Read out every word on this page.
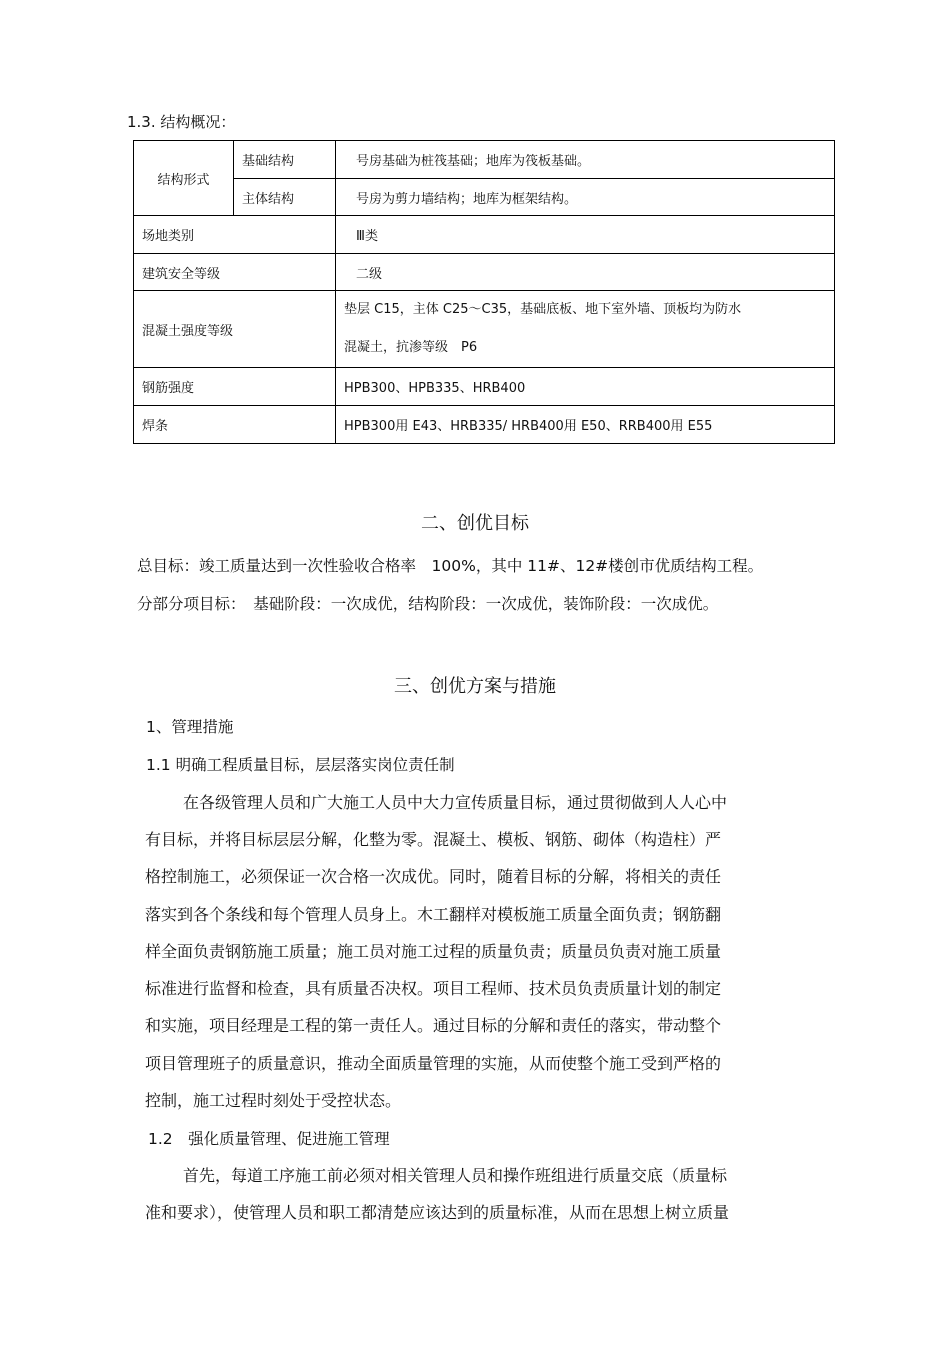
1.3. 结构概况：
结构形式	基础结构	号房基础为桩筏基础；地库为筏板基础。
	主体结构	号房为剪力墙结构；地库为框架结构。
场地类别		Ⅲ类
建筑安全等级		二级
混凝土强度等级		垫层 C15，主体 C25～C35，基础底板、地下室外墙、顶板均为防水
混凝土，抗渗等级　P6

钢筋强度		HPB300、HPB335、HRB400
焊条		HPB300用 E43、HRB335/ HRB400用 E50、RRB400用 E55
二、创优目标
总目标：竣工质量达到一次性验收合格率　100%，其中 11#、12#楼创市优质结构工程。
分部分项目标：　基础阶段：一次成优，结构阶段：一次成优，装饰阶段：一次成优。
三、创优方案与措施
1、管理措施
1.1 明确工程质量目标，层层落实岗位责任制
在各级管理人员和广大施工人员中大力宣传质量目标，通过贯彻做到人人心中
有目标，并将目标层层分解，化整为零。混凝土、模板、钢筋、砌体（构造柱）严
格控制施工，必须保证一次合格一次成优。同时，随着目标的分解，将相关的责任
落实到各个条线和每个管理人员身上。木工翻样对模板施工质量全面负责；钢筋翻
样全面负责钢筋施工质量；施工员对施工过程的质量负责；质量员负责对施工质量
标准进行监督和检查，具有质量否决权。项目工程师、技术员负责质量计划的制定
和实施，项目经理是工程的第一责任人。通过目标的分解和责任的落实，带动整个
项目管理班子的质量意识，推动全面质量管理的实施，从而使整个施工受到严格的
控制，施工过程时刻处于受控状态。
1.2　强化质量管理、促进施工管理
首先，每道工序施工前必须对相关管理人员和操作班组进行质量交底（质量标
准和要求），使管理人员和职工都清楚应该达到的质量标准，从而在思想上树立质量
